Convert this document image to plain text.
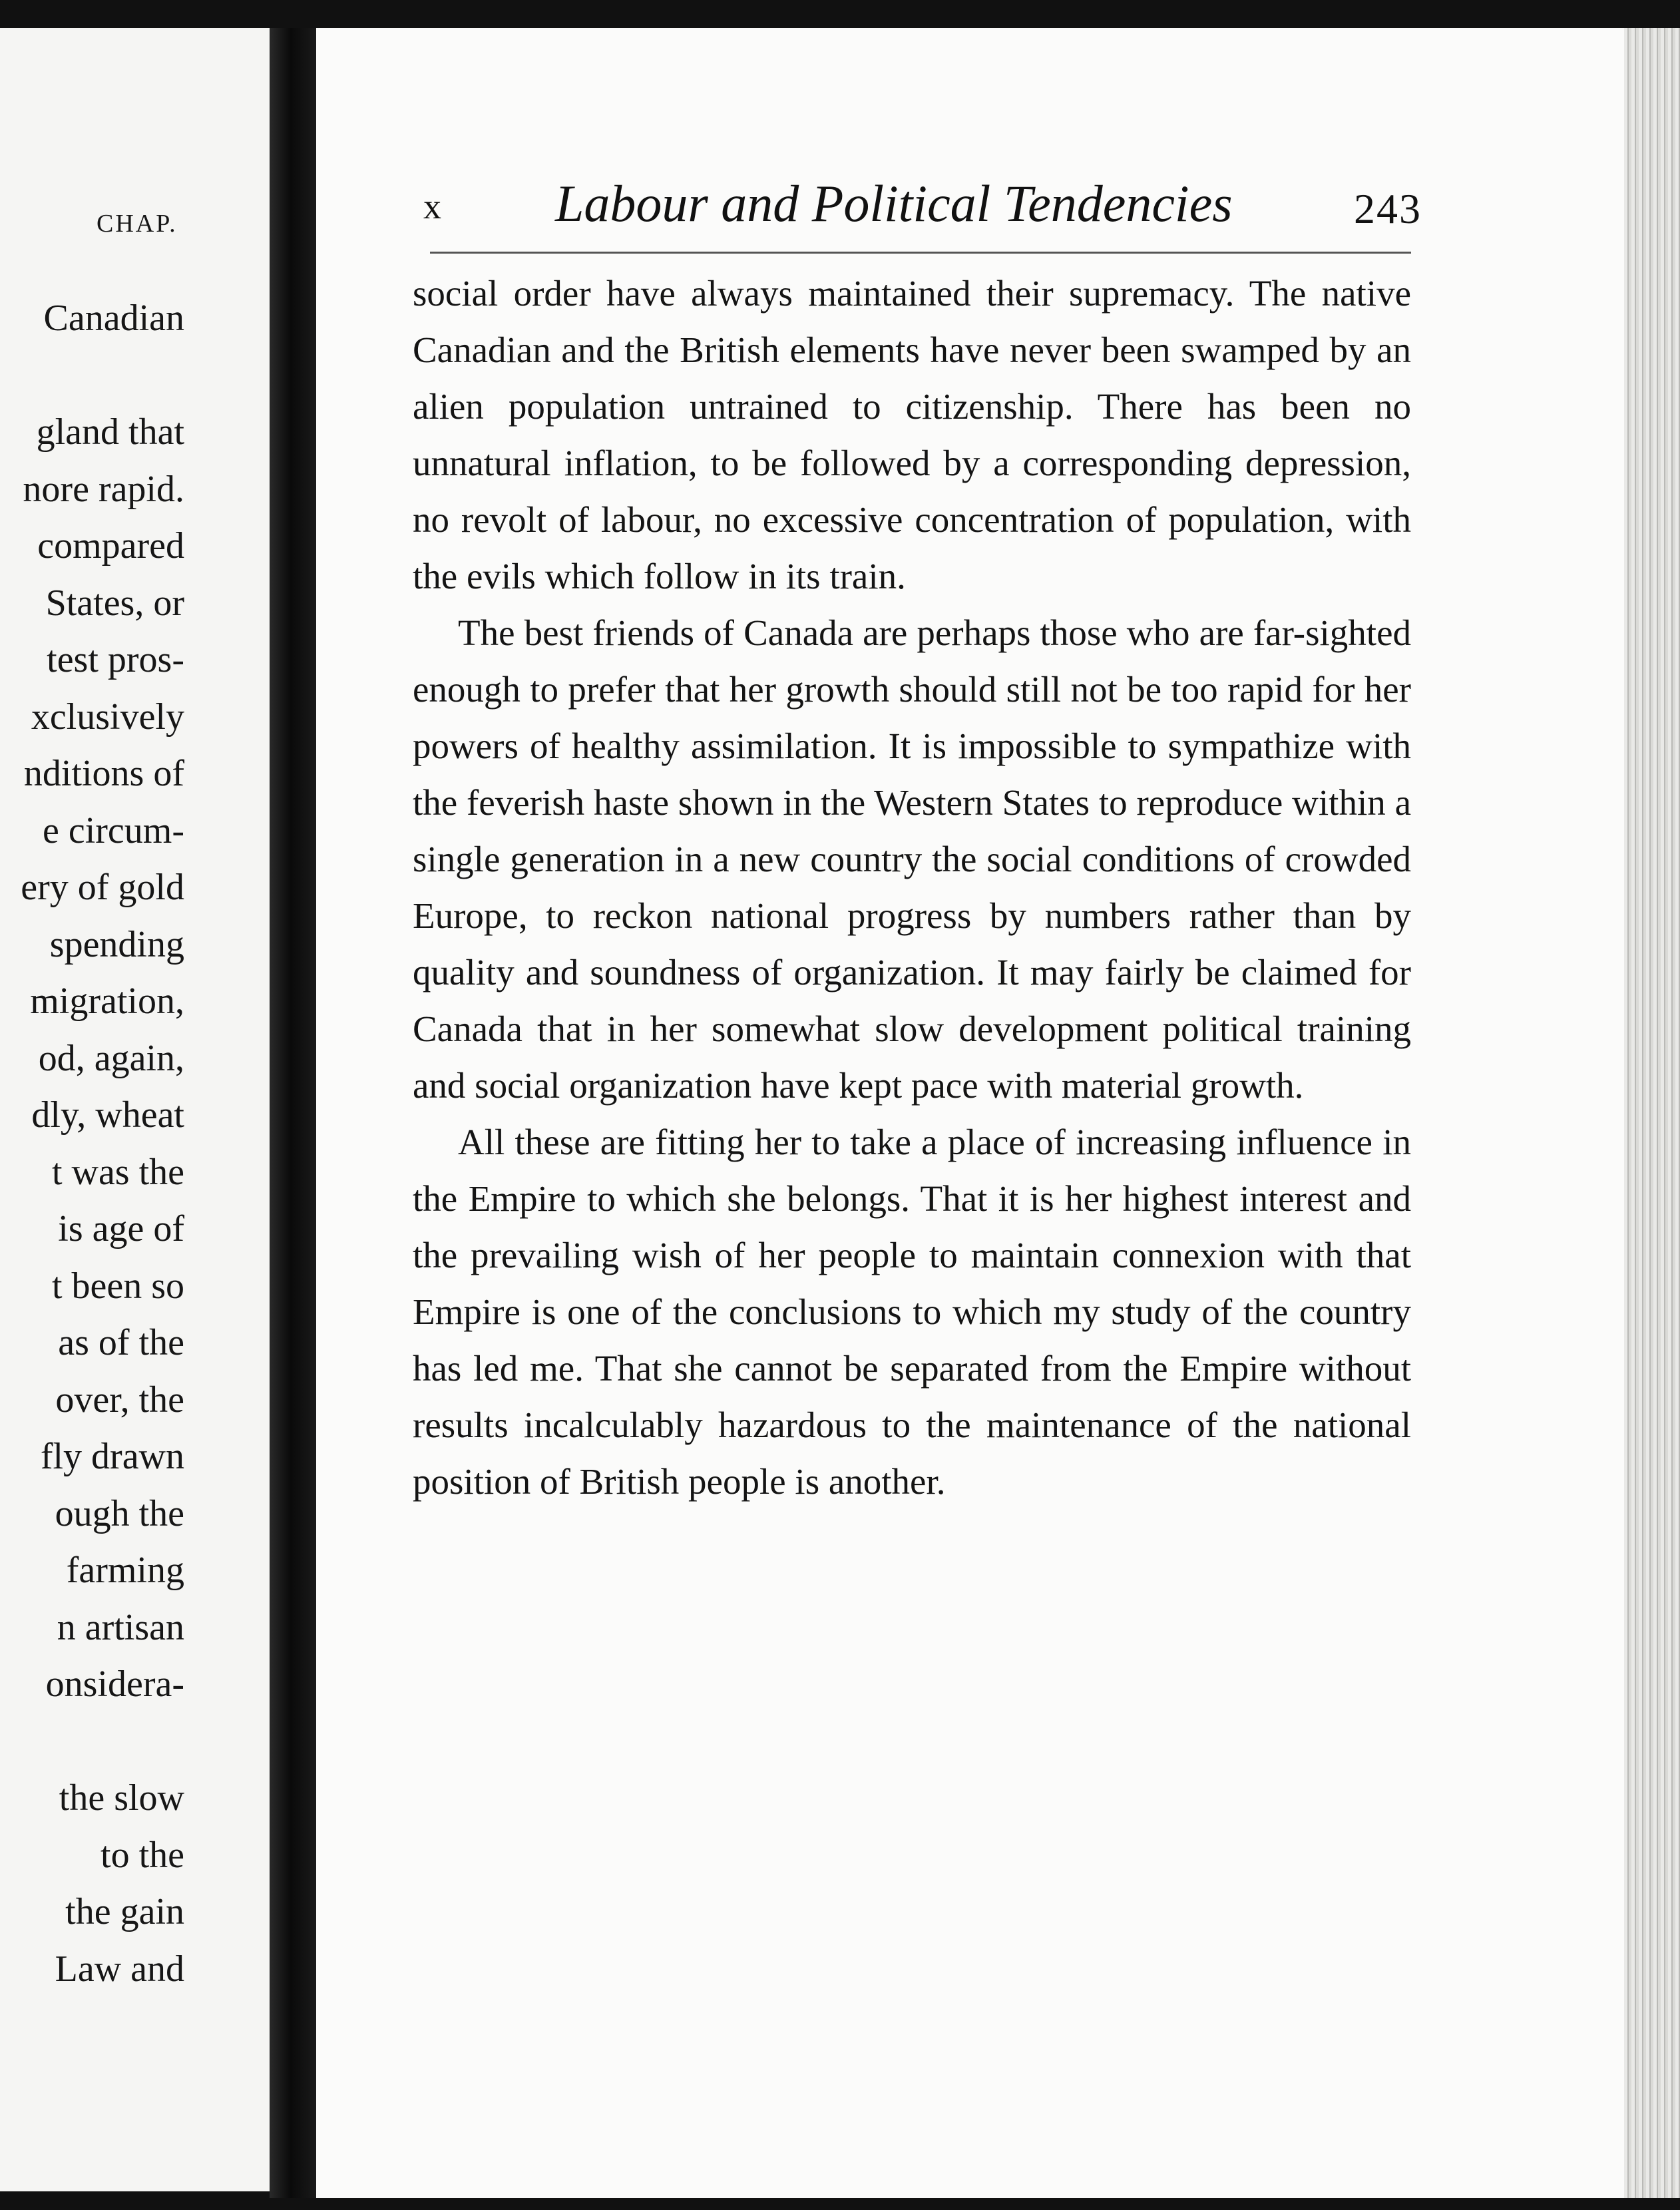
CHAP.
Canadian
gland that
nore rapid.
compared
States, or
test pros-
xclusively
nditions of
e circum-
ery of gold
spending
migration,
od, again,
dly, wheat
t was the
is age of
t been so
as of the
over, the
fly drawn
ough the
farming
n artisan
onsidera-
the slow
to the
the gain
Law and
x Labour and Political Tendencies	243

social order have always maintained their supremacy. The native Canadian and the British elements have never been swamped by an alien population untrained to citizenship. There has been no unnatural inflation, to be followed by a corresponding depression, no revolt of labour, no excessive concentration of population, with the evils which follow in its train.

The best friends of Canada are perhaps those who are far-sighted enough to prefer that her growth should still not be too rapid for her powers of healthy assimilation. It is impossible to sympathize with the feverish haste shown in the Western States to reproduce within a single generation in a new country the social conditions of crowded Europe, to reckon national progress by numbers rather than by quality and soundness of organization. It may fairly be claimed for Canada that in her somewhat slow development political training and social organization have kept pace with material growth.

All these are fitting her to take a place of increasing influence in the Empire to which she belongs. That it is her highest interest and the prevailing wish of her people to maintain connexion with that Empire is one of the conclusions to which my study of the country has led me. That she cannot be separated from the Empire without results incalculably hazardous to the maintenance of the national position of British people is another.
